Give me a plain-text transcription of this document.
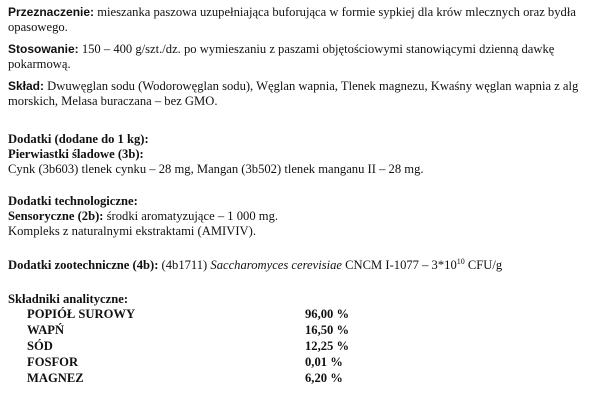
Przeznaczenie: mieszanka paszowa uzupełniająca buforująca w formie sypkiej dla krów mlecznych oraz bydła opasowego.

Stosowanie: 150 – 400 g/szt./dz. po wymieszaniu z paszami objętościowymi stanowiącymi dzienną dawkę pokarmową.

Skład: Dwuwęglan sodu (Wodorowęglan sodu), Węglan wapnia, Tlenek magnezu, Kwaśny węglan wapnia z alg morskich, Melasa buraczana – bez GMO.

Dodatki (dodane do 1 kg):

Pierwiastki śladowe (3b):

Cynk (3b603) tlenek cynku – 28 mg, Mangan (3b502) tlenek manganu II – 28 mg.

Dodatki technologiczne:

Sensoryczne (2b): środki aromatyzujące – 1 000 mg.

Kompleks z naturalnymi ekstraktami (AMIVIV).

Dodatki zootechniczne (4b): (4b1711) Saccharomyces cerevisiae CNCM $I-1077 - 3*10^{10}$ CFU/g

Składniki analityczne:

POPIÓŁ SUROWY	96,00 %
WAPŃ	16,50 %
SÓD	12,25 %
FOSFOR	0,01 %
MAGNEZ	6,20 %
